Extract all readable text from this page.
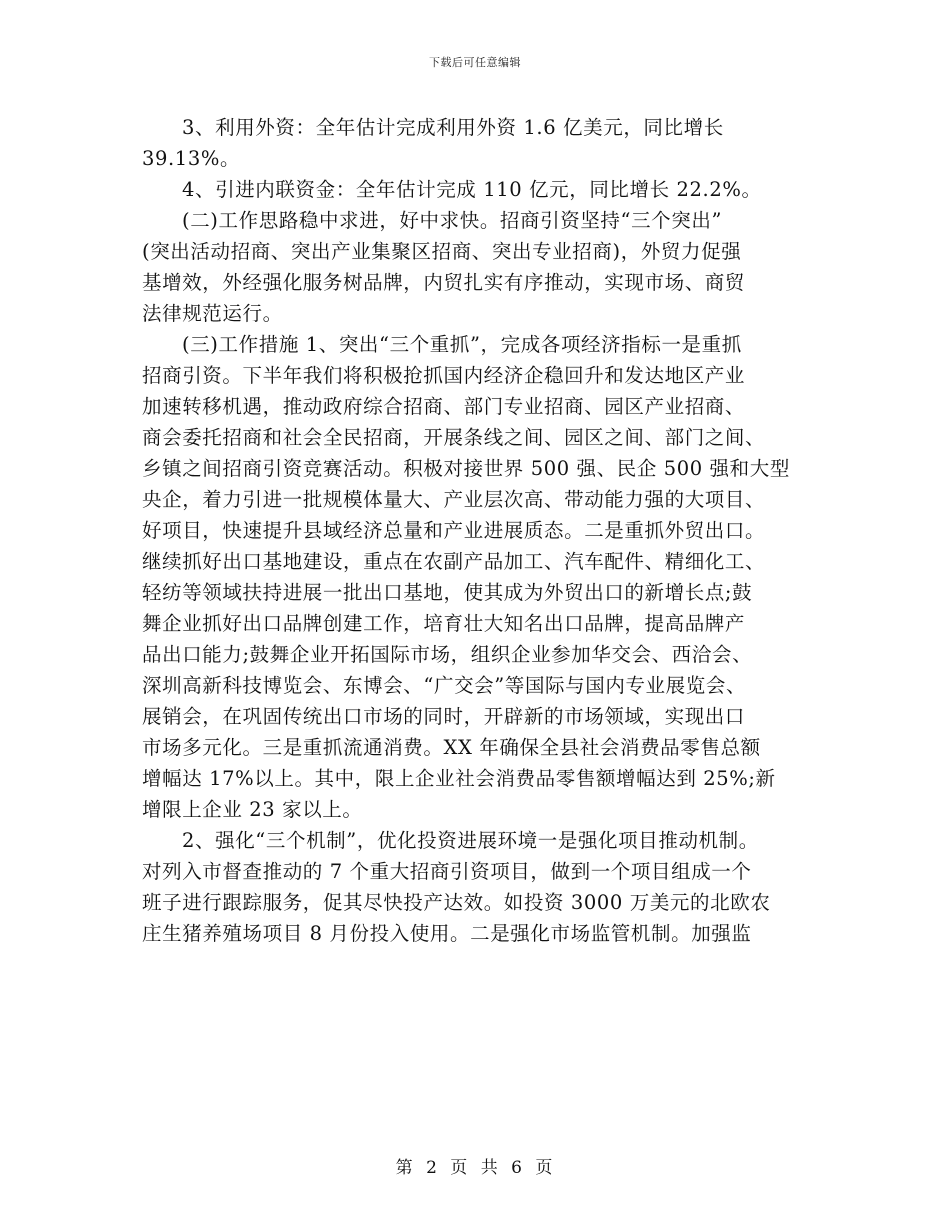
下载后可任意编辑
3、利用外资：全年估计完成利用外资 1.6 亿美元，同比增长
39.13%。
4、引进内联资金：全年估计完成 110 亿元，同比增长 22.2%。
(二)工作思路稳中求进，好中求快。招商引资坚持“三个突出”
(突出活动招商、突出产业集聚区招商、突出专业招商)，外贸力促强
基增效，外经强化服务树品牌，内贸扎实有序推动，实现市场、商贸
法律规范运行。
(三)工作措施 1、突出“三个重抓”，完成各项经济指标一是重抓
招商引资。下半年我们将积极抢抓国内经济企稳回升和发达地区产业
加速转移机遇，推动政府综合招商、部门专业招商、园区产业招商、
商会委托招商和社会全民招商，开展条线之间、园区之间、部门之间、
乡镇之间招商引资竞赛活动。积极对接世界 500 强、民企 500 强和大型
央企，着力引进一批规模体量大、产业层次高、带动能力强的大项目、
好项目，快速提升县域经济总量和产业进展质态。二是重抓外贸出口。
继续抓好出口基地建设，重点在农副产品加工、汽车配件、精细化工、
轻纺等领域扶持进展一批出口基地，使其成为外贸出口的新增长点;鼓
舞企业抓好出口品牌创建工作，培育壮大知名出口品牌，提高品牌产
品出口能力;鼓舞企业开拓国际市场，组织企业参加华交会、西洽会、
深圳高新科技博览会、东博会、“广交会”等国际与国内专业展览会、
展销会，在巩固传统出口市场的同时，开辟新的市场领域，实现出口
市场多元化。三是重抓流通消费。XX 年确保全县社会消费品零售总额
增幅达 17%以上。其中，限上企业社会消费品零售额增幅达到 25%;新
增限上企业 23 家以上。
2、强化“三个机制”，优化投资进展环境一是强化项目推动机制。
对列入市督查推动的 7 个重大招商引资项目，做到一个项目组成一个
班子进行跟踪服务，促其尽快投产达效。如投资 3000 万美元的北欧农
庄生猪养殖场项目 8 月份投入使用。二是强化市场监管机制。加强监
第 2 页 共 6 页
